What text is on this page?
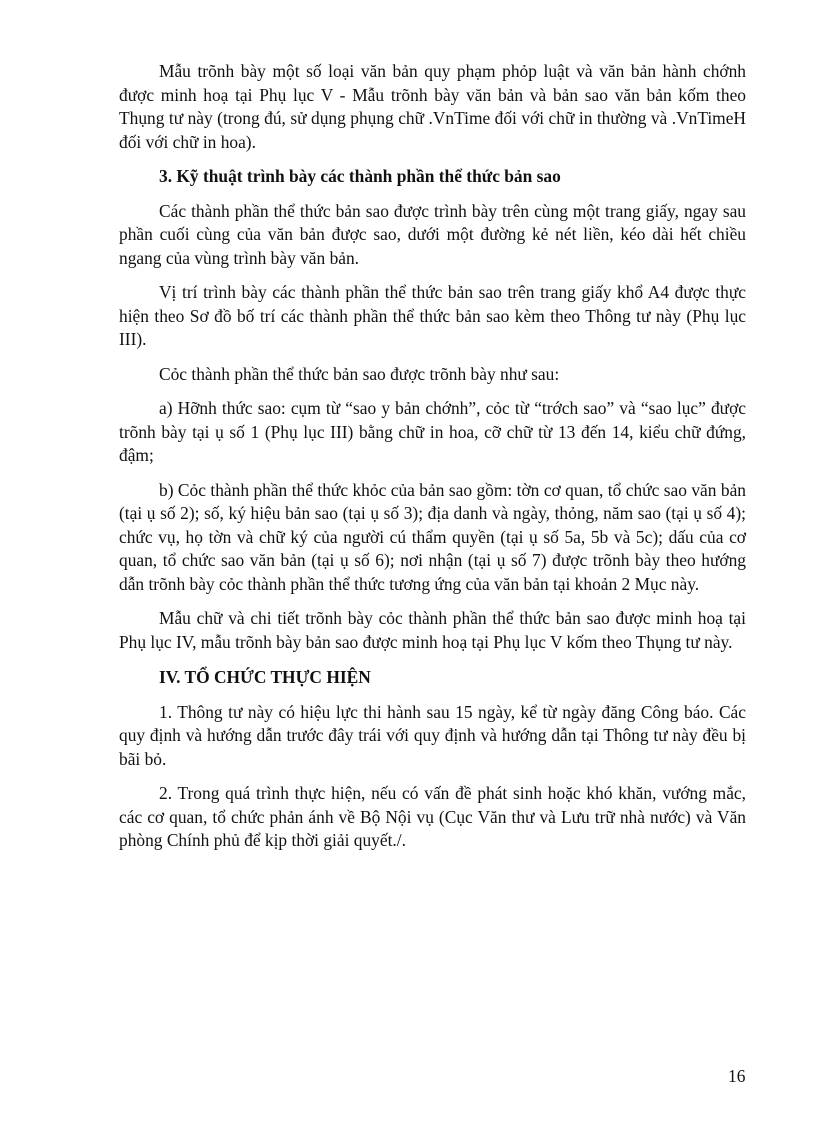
Mẫu trõnh bày một số loại văn bản quy phạm phỏp luật và văn bản hành chớnh được minh hoạ tại Phụ lục V - Mẫu trõnh bày văn bản và bản sao văn bản kốm theo Thụng tư này (trong đú, sử dụng phụng chữ .VnTime đối với chữ in thường và .VnTimeH đối với chữ in hoa).

3. Kỹ thuật trình bày các thành phần thể thức bản sao

Các thành phần thể thức bản sao được trình bày trên cùng một trang giấy, ngay sau phần cuối cùng của văn bản được sao, dưới một đường kẻ nét liền, kéo dài hết chiều ngang của vùng trình bày văn bản.

Vị trí trình bày các thành phần thể thức bản sao trên trang giấy khổ A4 được thực hiện theo Sơ đồ bố trí các thành phần thể thức bản sao kèm theo Thông tư này (Phụ lục III).

Cỏc thành phần thể thức bản sao được trõnh bày như sau:

a) Hỡnh thức sao: cụm từ “sao y bản chớnh”, cỏc từ “trớch sao” và “sao lục” được trõnh bày tại ụ số 1 (Phụ lục III) bằng chữ in hoa, cỡ chữ từ 13 đến 14, kiểu chữ đứng, đậm;

b) Cỏc thành phần thể thức khỏc của bản sao gồm: tờn cơ quan, tổ chức sao văn bản (tại ụ số 2); số, ký hiệu bản sao (tại ụ số 3); địa danh và ngày, thỏng, năm sao (tại ụ số 4); chức vụ, họ tờn và chữ ký của người cú thẩm quyền (tại ụ số 5a, 5b và 5c); dấu của cơ quan, tổ chức sao văn bản (tại ụ số 6); nơi nhận (tại ụ số 7) được trõnh bày theo hướng dẫn trõnh bày cỏc thành phần thể thức tương ứng của văn bản tại khoản 2 Mục này.

Mẫu chữ và chi tiết trõnh bày cỏc thành phần thể thức bản sao được minh hoạ tại Phụ lục IV, mẫu trõnh bày bản sao được minh hoạ tại Phụ lục V kốm theo Thụng tư này.

IV. TỔ CHỨC THỰC HIỆN

1. Thông tư này có hiệu lực thi hành sau 15 ngày, kể từ ngày đăng Công báo. Các quy định và hướng dẫn trước đây trái với quy định và hướng dẫn tại Thông tư này đều bị bãi bỏ.

2. Trong quá trình thực hiện, nếu có vấn đề phát sinh hoặc khó khăn, vướng mắc, các cơ quan, tổ chức phản ánh về Bộ Nội vụ (Cục Văn thư và Lưu trữ nhà nước) và Văn phòng Chính phủ để kịp thời giải quyết./.

16
